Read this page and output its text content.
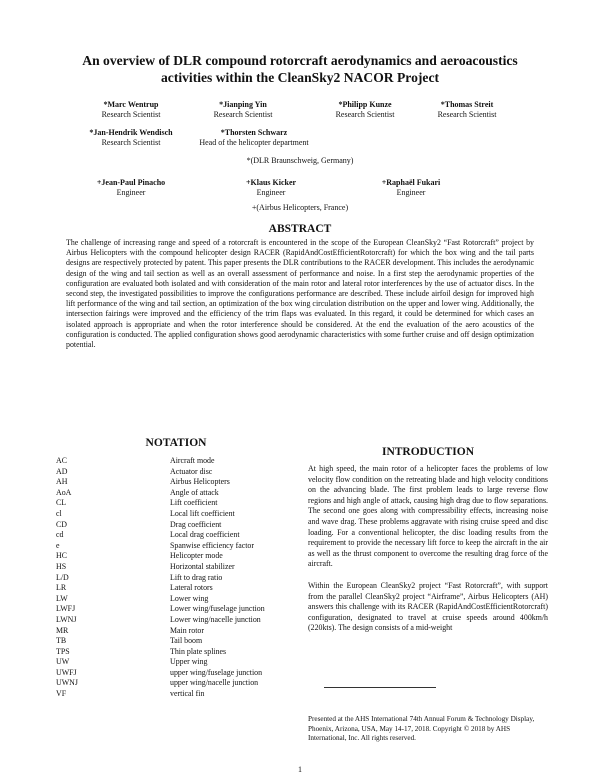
An overview of DLR compound rotorcraft aerodynamics and aeroacoustics
activities within the CleanSky2 NACOR Project
*Marc Wentrup
Research Scientist
*Jianping Yin
Research Scientist
*Philipp Kunze
Research Scientist
*Thomas Streit
Research Scientist
*Jan-Hendrik Wendisch
Research Scientist
*Thorsten Schwarz
Head of the helicopter department
*(DLR Braunschweig, Germany)
+Jean-Paul Pinacho
Engineer
+Klaus Kicker
Engineer
+Raphaël Fukari
Engineer
+(Airbus Helicopters, France)
ABSTRACT
The challenge of increasing range and speed of a rotorcraft is encountered in the scope of the European CleanSky2 “Fast Rotorcraft” project by Airbus Helicopters with the compound helicopter design RACER (RapidAndCostEfficientRotorcraft) for which the box wing and the tail parts designs are respectively protected by patent. This paper presents the DLR contributions to the RACER development. This includes the aerodynamic design of the wing and tail section as well as an overall assessment of performance and noise. In a first step the aerodynamic properties of the configuration are evaluated both isolated and with consideration of the main rotor and lateral rotor interferences by the use of actuator discs. In the second step, the investigated possibilities to improve the configurations performance are described. These include airfoil design for improved high lift performance of the wing and tail section, an optimization of the box wing circulation distribution on the upper and lower wing. Additionally, the intersection fairings were improved and the efficiency of the trim flaps was evaluated. In this regard, it could be determined for which cases an isolated approach is appropriate and when the rotor interference should be considered. At the end the evaluation of the aero acoustics of the configuration is conducted. The applied configuration shows good aerodynamic characteristics with some further cruise and off design optimization potential.
NOTATION
AC	Aircraft mode
AD	Actuator disc
AH	Airbus Helicopters
AoA	Angle of attack
CL	Lift coefficient
cl	Local lift coefficient
CD	Drag coefficient
cd	Local drag coefficient
e	Spanwise efficiency factor
HC	Helicopter mode
HS	Horizontal stabilizer
L/D	Lift to drag ratio
LR	Lateral rotors
LW	Lower wing
LWFJ	Lower wing/fuselage junction
LWNJ	Lower wing/nacelle junction
MR	Main rotor
TB	Tail boom
TPS	Thin plate splines
UW	Upper wing
UWFJ	upper wing/fuselage junction
UWNJ	upper wing/nacelle junction
VF	vertical fin
INTRODUCTION

At high speed, the main rotor of a helicopter faces the problems of low velocity flow condition on the retreating blade and high velocity conditions on the advancing blade. The first problem leads to large reverse flow regions and high angle of attack, causing high drag due to flow separations. The second one goes along with compressibility effects, increasing noise and wave drag. These problems aggravate with rising cruise speed and disc loading. For a conventional helicopter, the disc loading results from the requirement to provide the necessary lift force to keep the aircraft in the air as well as the thrust component to overcome the resulting drag force of the aircraft.

Within the European CleanSky2 project “Fast Rotorcraft”, with support from the parallel CleanSky2 project “Airframe”, Airbus Helicopters (AH) answers this challenge with its RACER (RapidAndCostEfficientRotorcraft) configuration, designated to travel at cruise speeds around 400km/h (220kts). The design consists of a mid-weight

Presented at the AHS International 74th Annual Forum & Technology Display, Phoenix, Arizona, USA, May 14-17, 2018. Copyright © 2018 by AHS International, Inc. All rights reserved.
1
